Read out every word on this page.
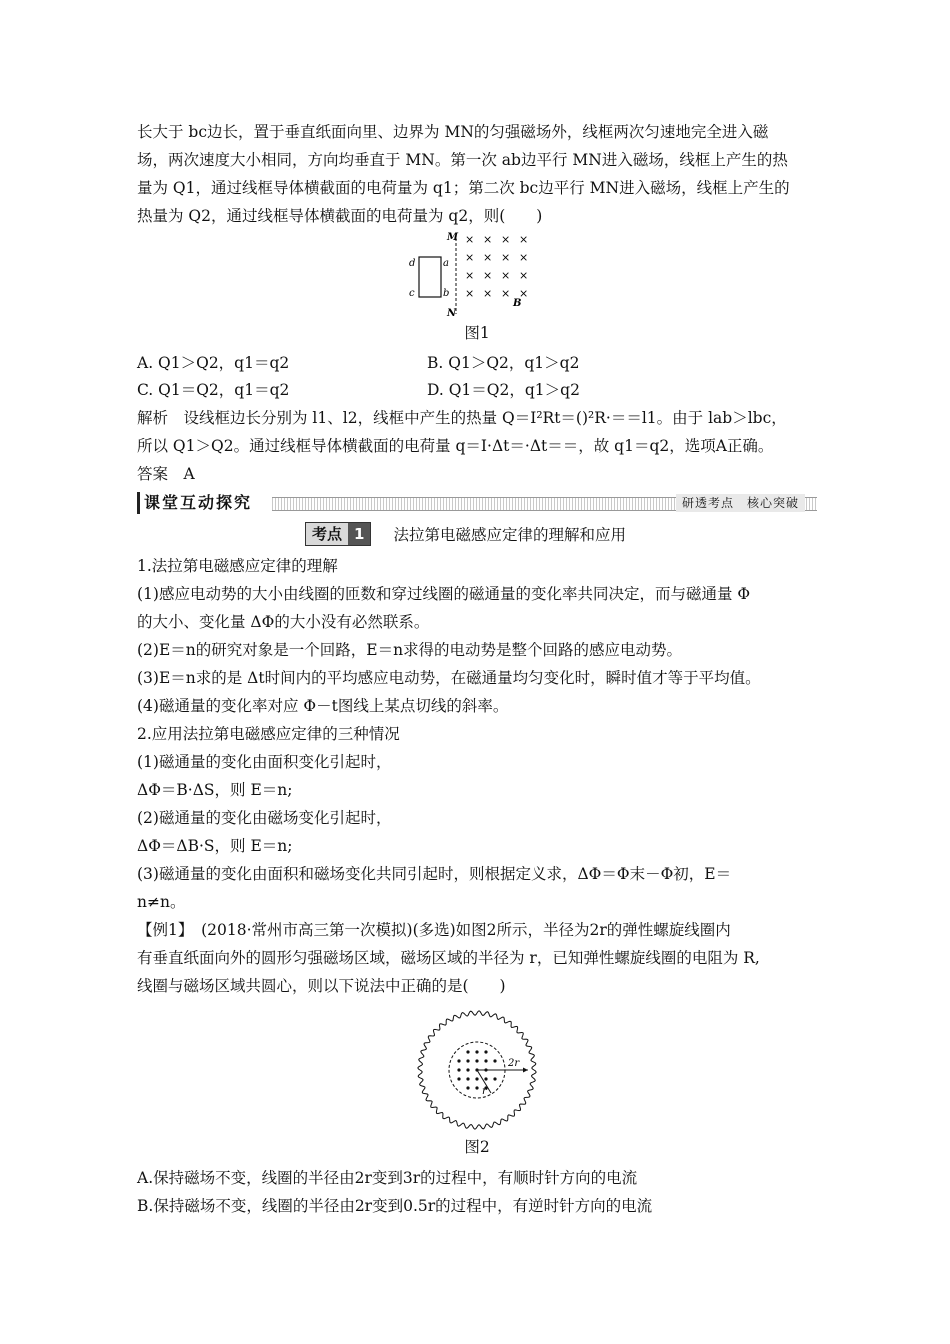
长大于 bc边长，置于垂直纸面向里、边界为 MN的匀强磁场外，线框两次匀速地完全进入磁

场，两次速度大小相同，方向均垂直于 MN。第一次 ab边平行 MN进入磁场，线框上产生的热

量为 Q1，通过线框导体横截面的电荷量为 q1；第二次 bc边平行 MN进入磁场，线框上产生的

热量为 Q2，通过线框导体横截面的电荷量为 q2，则(　　)

d
c
a
b
M
N
× × × ×
× × × ×
× × × ×
× × × ×
B
图1
A. Q1＞Q2，q1＝q2	B. Q1＞Q2，q1＞q2
C. Q1＝Q2，q1＝q2	D. Q1＝Q2，q1＞q2

解析　设线框边长分别为 l1、l2，线框中产生的热量 Q＝I²Rt＝()²R·＝＝l1。由于 lab＞lbc，

所以 Q1＞Q2。通过线框导体横截面的电荷量 q＝I·Δt＝·Δt＝＝，故 q1＝q2，选项A正确。

答案　A

课堂互动探究	研透考点　核心突破
考点 1	法拉第电磁感应定律的理解和应用

1.法拉第电磁感应定律的理解

(1)感应电动势的大小由线圈的匝数和穿过线圈的磁通量的变化率共同决定，而与磁通量 Φ

的大小、变化量 ΔΦ的大小没有必然联系。

(2)E＝n的研究对象是一个回路，E＝n求得的电动势是整个回路的感应电动势。

(3)E＝n求的是 Δt时间内的平均感应电动势，在磁通量均匀变化时，瞬时值才等于平均值。

(4)磁通量的变化率对应 Φ－t图线上某点切线的斜率。

2.应用法拉第电磁感应定律的三种情况

(1)磁通量的变化由面积变化引起时，

ΔΦ＝B·ΔS，则 E＝n;

(2)磁通量的变化由磁场变化引起时，

ΔΦ＝ΔB·S，则 E＝n;

(3)磁通量的变化由面积和磁场变化共同引起时，则根据定义求，ΔΦ＝Φ末－Φ初，E＝

n≠n。

【例1】　(2018·常州市高三第一次模拟)(多选)如图2所示，半径为2r的弹性螺旋线圈内

有垂直纸面向外的圆形匀强磁场区域，磁场区域的半径为 r，已知弹性螺旋线圈的电阻为 R,

线圈与磁场区域共圆心，则以下说法中正确的是(　　)

2r
r
图2

A.保持磁场不变，线圈的半径由2r变到3r的过程中，有顺时针方向的电流

B.保持磁场不变，线圈的半径由2r变到0.5r的过程中，有逆时针方向的电流
